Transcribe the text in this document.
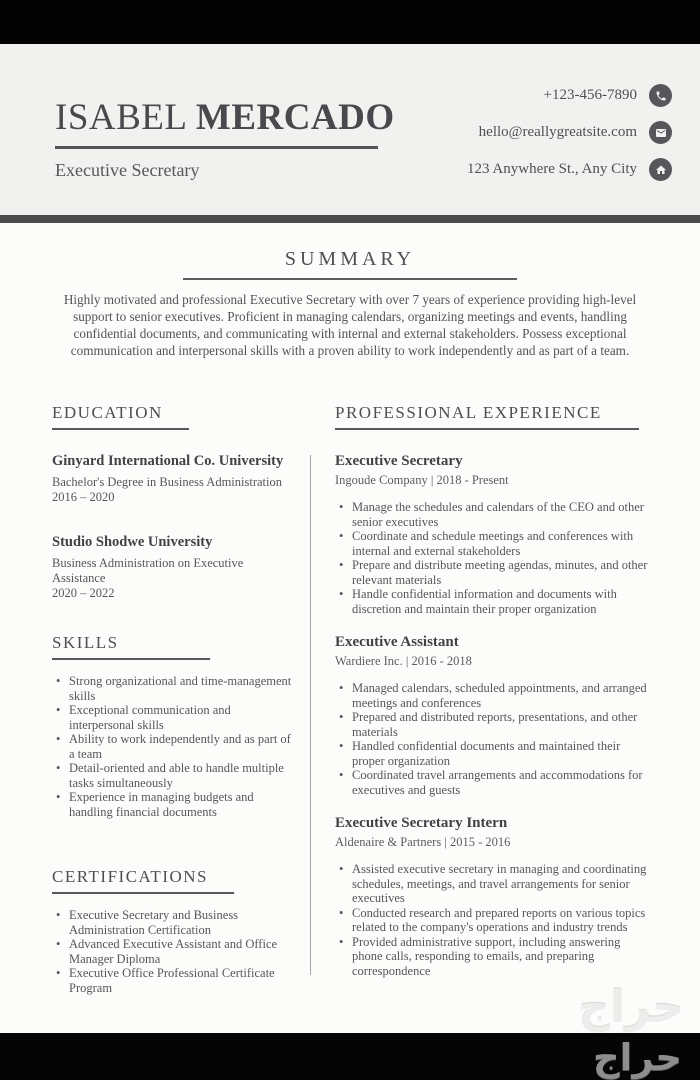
ISABEL MERCADO
Executive Secretary
+123-456-7890
hello@reallygreatsite.com
123 Anywhere St., Any City
SUMMARY

Highly motivated and professional Executive Secretary with over 7 years of experience providing high-level support to senior executives. Proficient in managing calendars, organizing meetings and events, handling confidential documents, and communicating with internal and external stakeholders. Possess exceptional communication and interpersonal skills with a proven ability to work independently and as part of a team.

EDUCATION
Ginyard International Co. University
Bachelor's Degree in Business Administration
2016 – 2020
Studio Shodwe University
Business Administration on Executive Assistance
2020 – 2022
SKILLS
• Strong organizational and time-management skills
• Exceptional communication and interpersonal skills
• Ability to work independently and as part of a team
• Detail-oriented and able to handle multiple tasks simultaneously
• Experience in managing budgets and handling financial documents
CERTIFICATIONS
• Executive Secretary and Business Administration Certification
• Advanced Executive Assistant and Office Manager Diploma
• Executive Office Professional Certificate Program
PROFESSIONAL EXPERIENCE
Executive Secretary
Ingoude Company | 2018 - Present
• Manage the schedules and calendars of the CEO and other senior executives
• Coordinate and schedule meetings and conferences with internal and external stakeholders
• Prepare and distribute meeting agendas, minutes, and other relevant materials
• Handle confidential information and documents with discretion and maintain their proper organization
Executive Assistant
Wardiere Inc. | 2016 - 2018
• Managed calendars, scheduled appointments, and arranged meetings and conferences
• Prepared and distributed reports, presentations, and other materials
• Handled confidential documents and maintained their proper organization
• Coordinated travel arrangements and accommodations for executives and guests
Executive Secretary Intern
Aldenaire & Partners | 2015 - 2016
• Assisted executive secretary in managing and coordinating schedules, meetings, and travel arrangements for senior executives
• Conducted research and prepared reports on various topics related to the company's operations and industry trends
• Provided administrative support, including answering phone calls, responding to emails, and preparing correspondence
حراج
حراج
